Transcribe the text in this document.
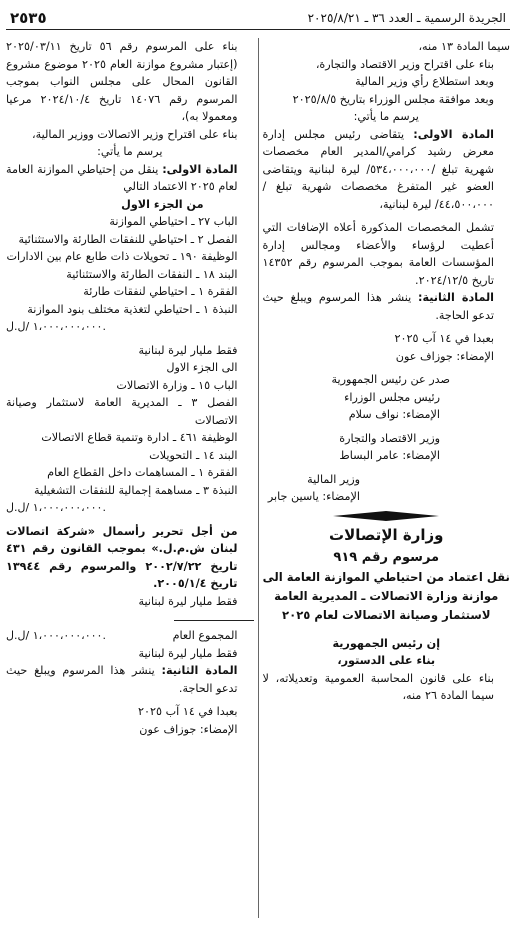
الجريدة الرسمية ـ العدد ٣٦ ـ ٢٠٢٥/٨/٢١
٢٥٣٥

سيما المادة ١٣ منه،

بناء على اقتراح وزير الاقتصاد والتجارة،

وبعد استطلاع رأي وزير المالية

وبعد موافقة مجلس الوزراء بتاريخ ٢٠٢٥/٨/٥

يرسم ما يأتي:

المادة الاولى: يتقاضى رئيس مجلس إدارة معرض رشيد كرامي/المدير العام مخصصات شهرية تبلغ /٥٣٤،٠٠٠،٠٠٠/ ليرة لبنانية ويتقاضى العضو غير المتفرغ مخصصات شهرية تبلغ /٤٤،٥٠٠،٠٠٠/ ليرة لبنانية،

تشمل المخصصات المذكورة أعلاه الإضافات التي أعطيت لرؤساء والأعضاء ومجالس إدارة المؤسسات العامة بموجب المرسوم رقم ١٤٣٥٢ تاريخ ٢٠٢٤/١٢/٥.

المادة الثانية: ينشر هذا المرسوم ويبلغ حيث تدعو الحاجة.

بعبدا في ١٤ آب ٢٠٢٥

الإمضاء: جوزاف عون

صدر عن رئيس الجمهورية

رئيس مجلس الوزراء

الإمضاء: نواف سلام

وزير الاقتصاد والتجارة

الإمضاء: عامر البساط

وزير المالية

الإمضاء: ياسين جابر

وزارة الإتصالات
مرسوم رقم ٩١٩
نقل اعتماد من احتياطي الموازنة العامة الى موازنة وزارة الاتصالات ـ المديرية العامة لاستثمار وصيانة الاتصالات لعام ٢٠٢٥

إن رئيس الجمهورية

بناء على الدستور،

بناء على قانون المحاسبة العمومية وتعديلاته، لا سيما المادة ٢٦ منه،

بناء على المرسوم رقم ٥٦ تاريخ ٢٠٢٥/٠٣/١١ (إعتبار مشروع موازنة العام ٢٠٢٥ موضوع مشروع القانون المحال على مجلس النواب بموجب المرسوم رقم ١٤٠٧٦ تاريخ ٢٠٢٤/١٠/٤ مرعيا ومعمولا به)،

بناء على اقتراح وزير الاتصالات ووزير المالية،

يرسم ما يأتي:

المادة الاولى: ينقل من إحتياطي الموازنة العامة لعام ٢٠٢٥ الاعتماد التالي

من الجزء الاول

الباب ٢٧ ـ احتياطي الموازنة

الفصل ٢ ـ احتياطي للنفقات الطارئة والاستثنائية

الوظيفة ١٩٠ ـ تحويلات ذات طابع عام بين الادارات

البند ١٨ ـ النفقات الطارئة والاستثنائية

الفقرة ١ ـ احتياطي لنفقات طارئة

النبذة ١ ـ احتياطي لتغذية مختلف بنود الموازنة

١،٠٠٠،٠٠٠،٠٠٠ /ل.ل.

فقط مليار ليرة لبنانية

الى الجزء الاول

الباب ١٥ ـ وزارة الاتصالات

الفصل ٣ ـ المديرية العامة لاستثمار وصيانة الاتصالات

الوظيفة ٤٦١ ـ ادارة وتنمية قطاع الاتصالات

البند ١٤ ـ التحويلات

الفقرة ١ ـ المساهمات داخل القطاع العام

النبذة ٣ ـ مساهمة إجمالية للنفقات التشغيلية

١،٠٠٠،٠٠٠،٠٠٠ /ل.ل.

من أجل تحرير رأسمال «شركة اتصالات لبنان ش.م.ل.» بموجب القانون رقم ٤٣١ تاريخ ٢٠٠٢/٧/٢٢ والمرسوم رقم ١٣٩٤٤ تاريخ ٢٠٠٥/١/٤.

فقط مليار ليرة لبنانية

المجموع العام
١،٠٠٠،٠٠٠،٠٠٠ /ل.ل.

فقط مليار ليرة لبنانية

المادة الثانية: ينشر هذا المرسوم ويبلغ حيث تدعو الحاجة.

بعبدا في ١٤ آب ٢٠٢٥

الإمضاء: جوزاف عون
